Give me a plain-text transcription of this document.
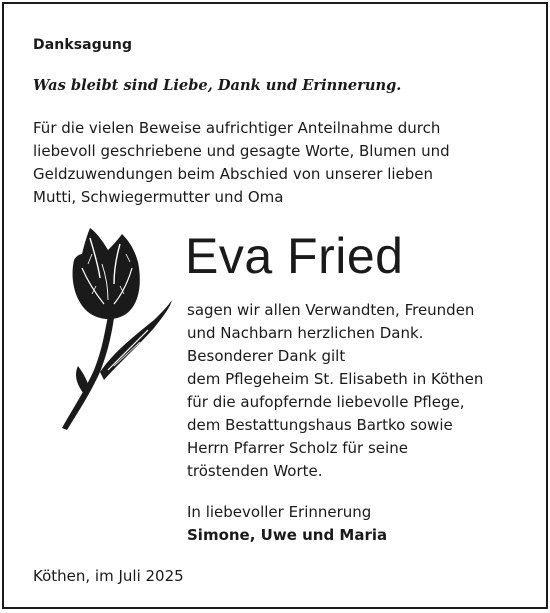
Danksagung
Was bleibt sind Liebe, Dank und Erinnerung.
Für die vielen Beweise aufrichtiger Anteilnahme durch
liebevoll geschriebene und gesagte Worte, Blumen und
Geldzuwendungen beim Abschied von unserer lieben
Mutti, Schwiegermutter und Oma
Eva Fried
sagen wir allen Verwandten, Freunden
und Nachbarn herzlichen Dank.
Besonderer Dank gilt
dem Pflegeheim St. Elisabeth in Köthen
für die aufopfernde liebevolle Pflege,
dem Bestattungshaus Bartko sowie
Herrn Pfarrer Scholz für seine
tröstenden Worte.
In liebevoller Erinnerung
Simone, Uwe und Maria
Köthen, im Juli 2025
